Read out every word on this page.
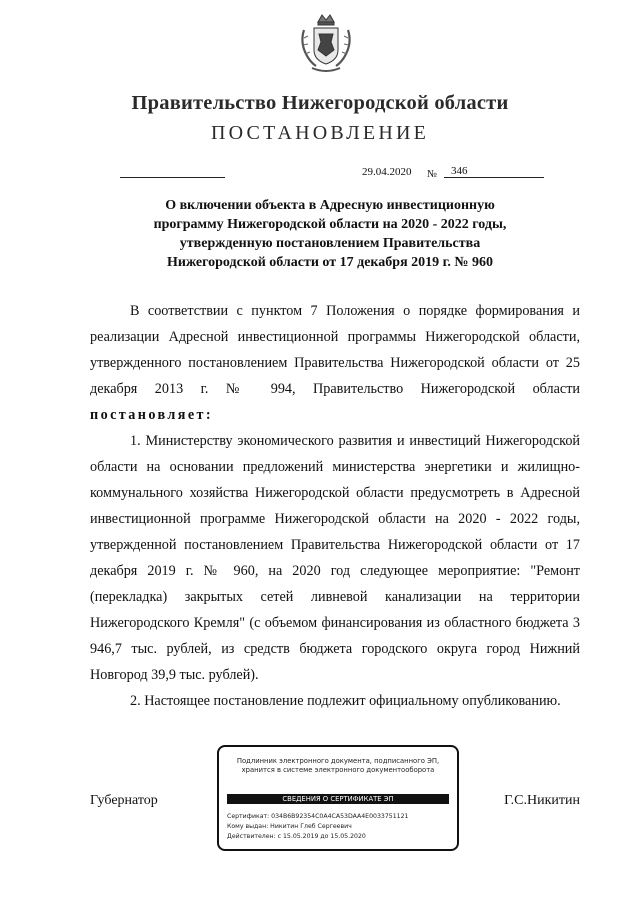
Правительство Нижегородской области
ПОСТАНОВЛЕНИЕ
29.04.2020 № 346
О включении объекта в Адресную инвестиционную
программу Нижегородской области на 2020 - 2022 годы,
утвержденную постановлением Правительства
Нижегородской области от 17 декабря 2019 г. № 960

В соответствии с пунктом 7 Положения о порядке формирования и реализации Адресной инвестиционной программы Нижегородской области, утвержденного постановлением Правительства Нижегородской области от 25 декабря 2013 г. № 994, Правительство Нижегородской области постановляет:

1. Министерству экономического развития и инвестиций Нижегородской области на основании предложений министерства энергетики и жилищно-коммунального хозяйства Нижегородской области предусмотреть в Адресной инвестиционной программе Нижегородской области на 2020 - 2022 годы, утвержденной постановлением Правительства Нижегородской области от 17 декабря 2019 г. № 960, на 2020 год следующее мероприятие: "Ремонт (перекладка) закрытых сетей ливневой канализации на территории Нижегородского Кремля" (с объемом финансирования из областного бюджета 3 946,7 тыс. рублей, из средств бюджета городского округа город Нижний Новгород 39,9 тыс. рублей).

2. Настоящее постановление подлежит официальному опубликованию.

Губернатор	Г.С.Никитин
Подлинник электронного документа, подписанного ЭП,
хранится в системе электронного документооборота
СВЕДЕНИЯ О СЕРТИФИКАТЕ ЭП
Сертификат: 034B6B92354C0A4CA53DAA4E0033751121
Кому выдан: Никитин Глеб Сергеевич
Действителен: с 15.05.2019 до 15.05.2020
